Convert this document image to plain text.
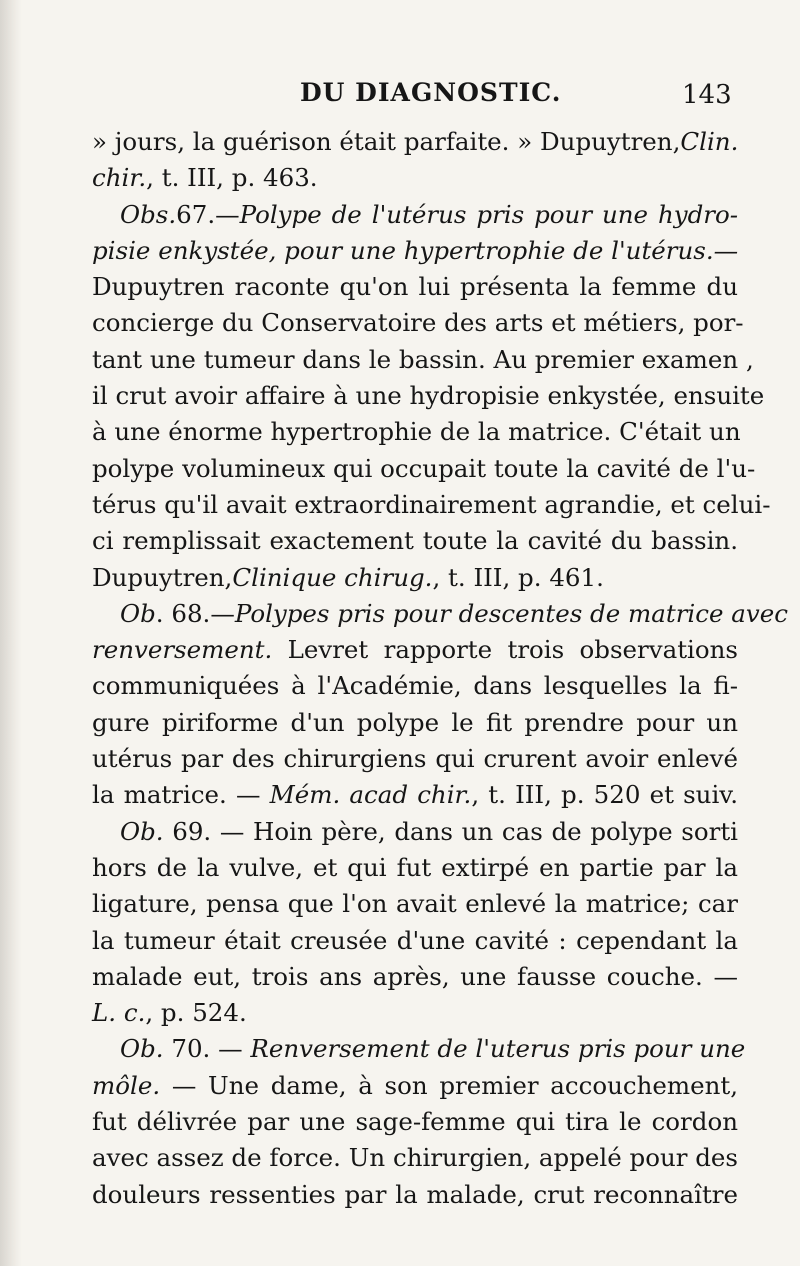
DU DIAGNOSTIC.	143
» jours, la guérison était parfaite. » Dupuytren,Clin.
chir. , t. III, p. 463.
Obs.67.—Polype de l'utérus pris pour une hydro-
pisie enkystée, pour une hypertrophie de l'utérus.—
Dupuytren raconte qu'on lui présenta la femme du
concierge du Conservatoire des arts et métiers, por-
tant une tumeur dans le bassin. Au premier examen ,
il crut avoir affaire à une hydropisie enkystée, ensuite
à une énorme hypertrophie de la matrice. C'était un
polype volumineux qui occupait toute la cavité de l'u-
térus qu'il avait extraordinairement agrandie, et celui-
ci remplissait exactement toute la cavité du bassin.
Dupuytren, Clinique chirug. , t. III, p. 461.
Ob. 68.—Polypes pris pour descentes de matrice avec
renversement. Levret rapporte trois observations
communiquées à l'Académie, dans lesquelles la fi-
gure piriforme d'un polype le fit prendre pour un
utérus par des chirurgiens qui crurent avoir enlevé
la matrice. — Mém. acad chir., t. III, p. 520 et suiv.
Ob. 69. — Hoin père, dans un cas de polype sorti
hors de la vulve, et qui fut extirpé en partie par la
ligature, pensa que l'on avait enlevé la matrice; car
la tumeur était creusée d'une cavité : cependant la
malade eut, trois ans après, une fausse couche. —
L. c. , p. 524.
Ob. 70. — Renversement de l'uterus pris pour une
môle. — Une dame, à son premier accouchement,
fut délivrée par une sage-femme qui tira le cordon
avec assez de force. Un chirurgien, appelé pour des
douleurs ressenties par la malade, crut reconnaître
